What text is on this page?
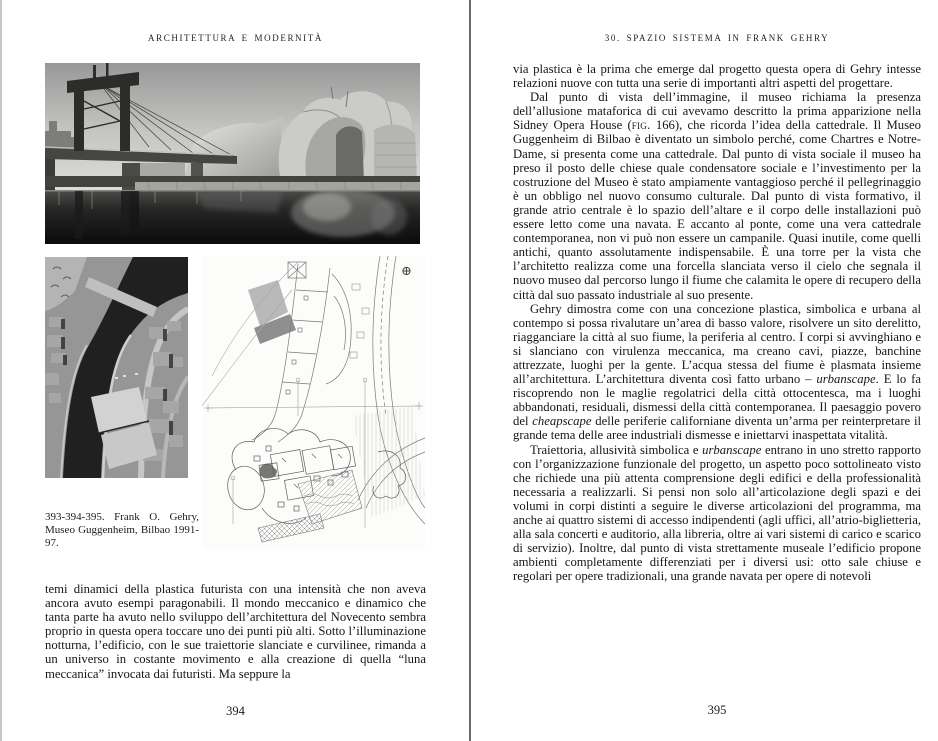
ARCHITETTURA E MODERNITÀ
⊕

393-394-395. Frank O. Gehry, Museo Guggenheim, Bilbao 1991-97.

temi dinamici della plastica futurista con una intensità che non aveva ancora avuto esempi paragonabili. Il mondo meccanico e dinamico che tanta parte ha avuto nello sviluppo dell’architettura del Novecento sembra proprio in questa opera toccare uno dei punti più alti. Sotto l’illuminazione notturna, l’edificio, con le sue traiettorie slanciate e curvilinee, rimanda a un universo in costante movimento e alla creazione di quella “luna meccanica” invocata dai futuristi. Ma seppure la

394
30. SPAZIO SISTEMA IN FRANK GEHRY

via plastica è la prima che emerge dal progetto questa opera di Gehry intesse relazioni nuove con tutta una serie di importanti altri aspetti del progettare.

Dal punto di vista dell’immagine, il museo richiama la presenza dell’allusione mataforica di cui avevamo descritto la prima apparizione nella Sidney Opera House (fig. 166), che ricorda l’idea della cattedrale. Il Museo Guggenheim di Bilbao è diventato un simbolo perché, come Chartres e Notre-Dame, si presenta come una cattedrale. Dal punto di vista sociale il museo ha preso il posto delle chiese quale condensatore sociale e l’investimento per la costruzione del Museo è stato ampiamente vantaggioso perché il pellegrinaggio è un obbligo nel nuovo consumo culturale. Dal punto di vista formativo, il grande atrio centrale è lo spazio dell’altare e il corpo delle installazioni può essere letto come una navata. E accanto al ponte, come una vera cattedrale contemporanea, non vi può non essere un campanile. Quasi inutile, come quelli antichi, quanto assolutamente indispensabile. È una torre per la vista che l’architetto realizza come una forcella slanciata verso il cielo che segnala il nuovo museo dal percorso lungo il fiume che calamita le opere di recupero della città dal suo passato industriale al suo presente.

Gehry dimostra come con una concezione plastica, simbolica e urbana al contempo si possa rivalutare un’area di basso valore, risolvere un sito derelitto, riagganciare la città al suo fiume, la periferia al centro. I corpi si avvinghiano e si slanciano con virulenza meccanica, ma creano cavi, piazze, banchine attrezzate, luoghi per la gente. L’acqua stessa del fiume è plasmata insieme all’architettura. L’architettura diventa così fatto urbano – urbanscape. E lo fa riscoprendo non le maglie regolatrici della città ottocentesca, ma i luoghi abbandonati, residuali, dismessi della città contemporanea. Il paesaggio povero del cheapscape delle periferie californiane diventa un’arma per reinterpretare il grande tema delle aree industriali dismesse e iniettarvi inaspettata vitalità.

Traiettoria, allusività simbolica e urbanscape entrano in uno stretto rapporto con l’organizzazione funzionale del progetto, un aspetto poco sottolineato visto che richiede una più attenta comprensione degli edifici e della professionalità necessaria a realizzarli. Si pensi non solo all’articolazione degli spazi e dei volumi in corpi distinti a seguire le diverse articolazioni del programma, ma anche ai quattro sistemi di accesso indipendenti (agli uffici, all’atrio-biglietteria, alla sala concerti e auditorio, alla libreria, oltre ai vari sistemi di carico e scarico di servizio). Inoltre, dal punto di vista strettamente museale l’edificio propone ambienti completamente differenziati per i diversi usi: otto sale chiuse e regolari per opere tradizionali, una grande navata per opere di notevoli

395
